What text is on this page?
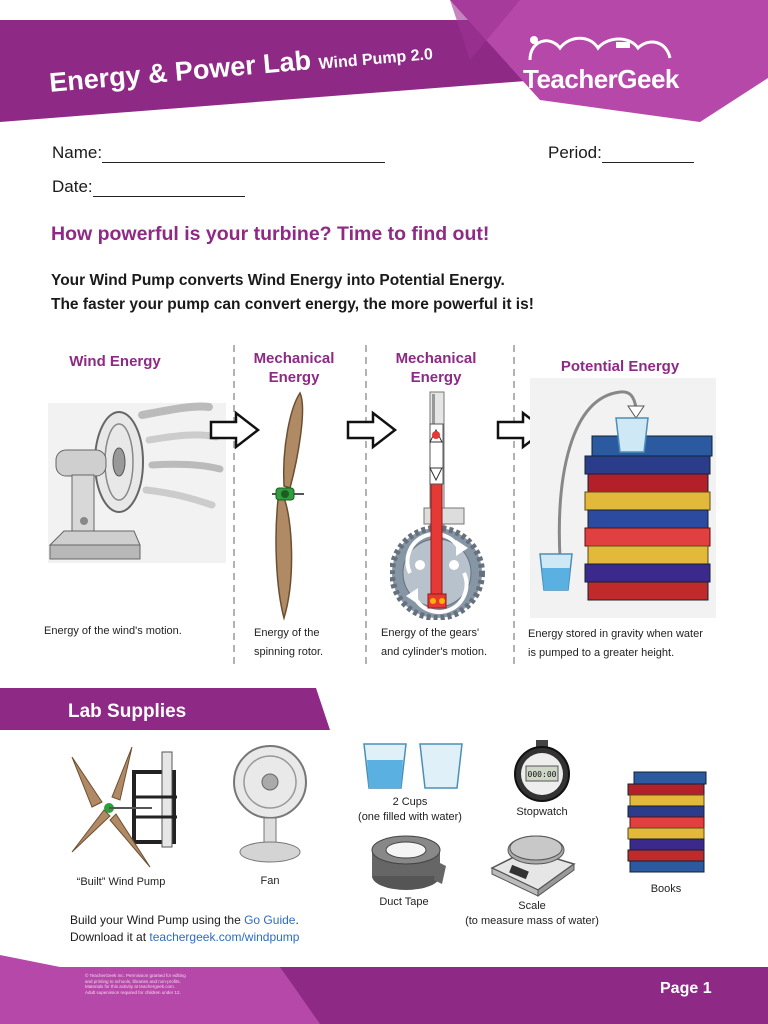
Energy & Power Lab Wind Pump 2.0
TeacherGeek
Name:	Period:
Date:
How powerful is your turbine? Time to find out!
Your Wind Pump converts Wind Energy into Potential Energy.
The faster your pump can convert energy, the more powerful it is!
Wind Energy	Mechanical
Energy
Mechanical
Energy
Potential Energy
Energy of the wind's motion.	Energy of the
spinning rotor.
Energy of the gears'
and cylinder's motion.
Energy stored in gravity when water
is pumped to a greater height.
Lab Supplies
“Built” Wind Pump	Fan
2 Cups
(one filled with water)
000:00
Stopwatch
Duct Tape	Scale
(to measure mass of water)
Books
Build your Wind Pump using the Go Guide.
Download it at teachergeek.com/windpump
© TeacherGeek Inc. Permission granted for editing
and printing to schools, libraries and non-profits.
Materials for this activity at teachergeek.com.
Adult supervision required for children under 12.	Page 1
